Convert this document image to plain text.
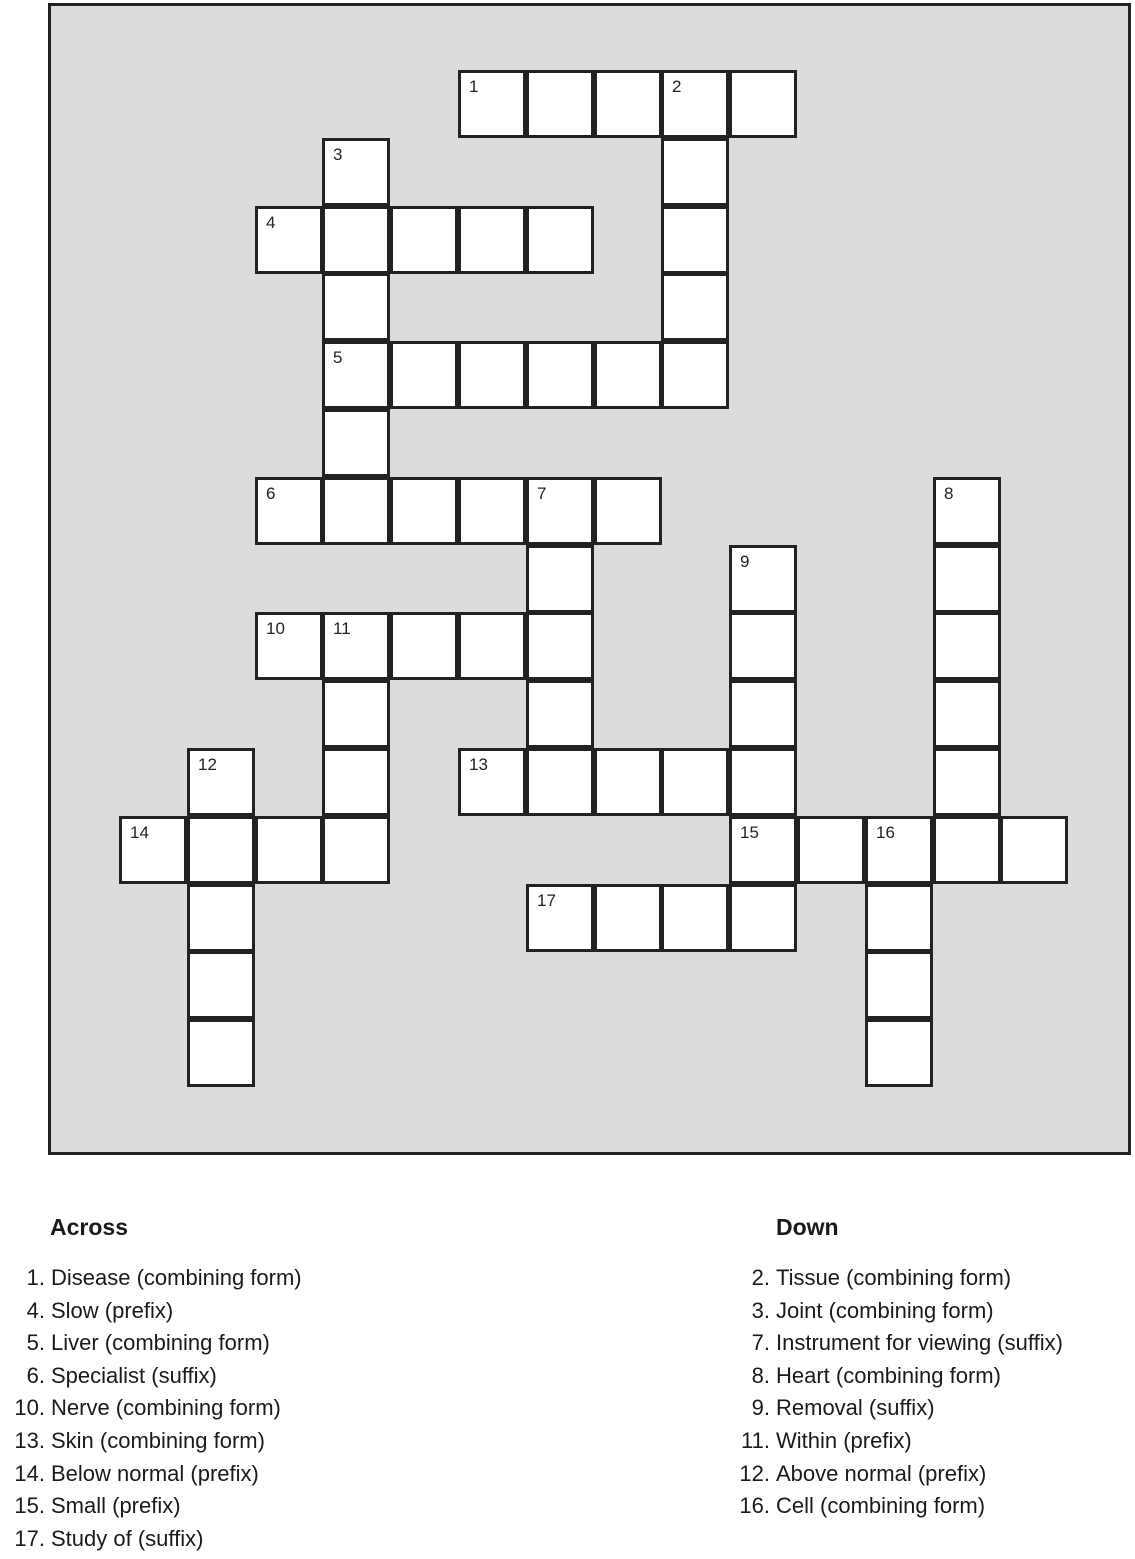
1	2
3
4
5
6	7	8
9
10	11
12	13
14	15	16
17
Across
1. Disease (combining form)
4. Slow (prefix)
5. Liver (combining form)
6. Specialist (suffix)
10. Nerve (combining form)
13. Skin (combining form)
14. Below normal (prefix)
15. Small (prefix)
17. Study of (suffix)
Down
2. Tissue (combining form)
3. Joint (combining form)
7. Instrument for viewing (suffix)
8. Heart (combining form)
9. Removal (suffix)
11. Within (prefix)
12. Above normal (prefix)
16. Cell (combining form)
